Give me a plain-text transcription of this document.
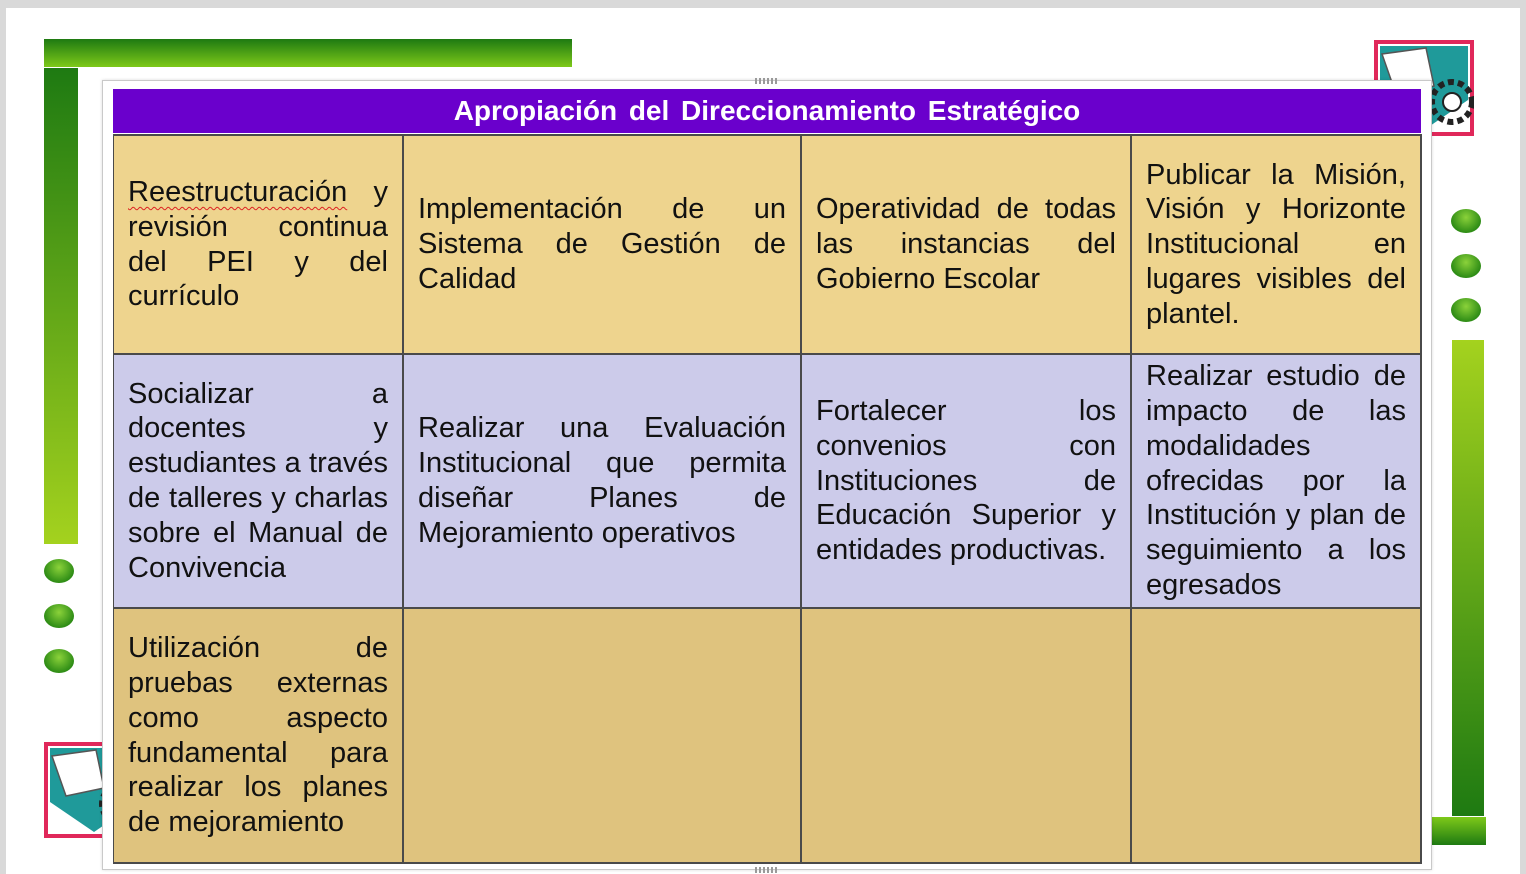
Apropiación del Direccionamiento Estratégico
Reestructuración y revisión continua del PEI y del currículo
Implementación de un Sistema de Gestión de Calidad
Operatividad de todas las instancias del Gobierno Escolar
Publicar la Misión, Visión y Horizonte Institucional en lugares visibles del plantel.
Socializar a docentes y estudiantes a través de talleres y charlas sobre el Manual de Convivencia
Realizar una Evaluación Institucional que permita diseñar Planes de Mejoramiento operativos
Fortalecer los convenios con Instituciones de Educación Superior y entidades productivas.
Realizar estudio de impacto de las modalidades ofrecidas por la Institución y plan de seguimiento a los egresados
Utilización de pruebas externas como aspecto fundamental para realizar los planes de mejoramiento
